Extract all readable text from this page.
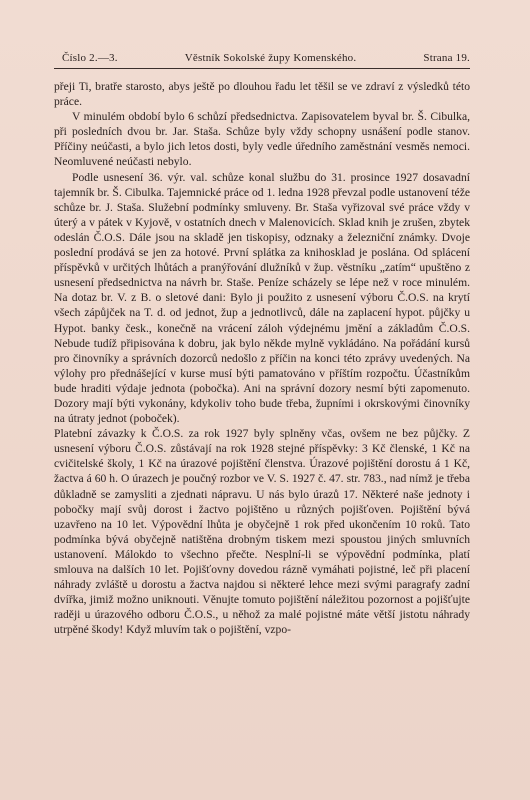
Číslo 2.—3.	Věstník Sokolské župy Komenského.	Strana 19.

přeji Ti, bratře starosto, abys ještě po dlouhou řadu let těšil se ve zdraví z výsledků této práce.

V minulém období bylo 6 schůzí předsednictva. Zapisovatelem byval br. Š. Cibulka, při posledních dvou br. Jar. Staša. Schůze byly vždy schopny usnášení podle stanov. Příčiny neúčasti, a bylo jich letos dosti, byly vedle úředního zaměstnání vesměs nemoci. Neomluvené neúčasti nebylo.

Podle usnesení 36. výr. val. schůze konal službu do 31. prosince 1927 dosavadní tajemník br. Š. Cibulka. Tajemnické práce od 1. ledna 1928 převzal podle ustanovení téže schůze br. J. Staša. Služební podmínky smluveny. Br. Staša vyřizoval své práce vždy v úterý a v pátek v Kyjově, v ostatních dnech v Malenovicích. Sklad knih je zrušen, zbytek odeslán Č.O.S. Dále jsou na skladě jen tiskopisy, odznaky a železniční známky. Dvoje poslední prodává se jen za hotové. První splátka za knihosklad je poslána. Od splácení příspěvků v určitých lhůtách a pranýřování dlužníků v žup. věstníku „zatím“ upuštěno z usnesení předsednictva na návrh br. Staše. Peníze scházely se lépe než v roce minulém. Na dotaz br. V. z B. o sletové dani: Bylo ji použito z usnesení výboru Č.O.S. na krytí všech zápůjček na T. d. od jednot, žup a jednotlivců, dále na zaplacení hypot. půjčky u Hypot. banky česk., konečně na vrácení záloh výdejnému jmění a základům Č.O.S. Nebude tudíž připisována k dobru, jak bylo někde mylně vykládáno. Na pořádání kursů pro činovníky a správních dozorců nedošlo z příčin na konci této zprávy uvedených. Na výlohy pro přednášející v kurse musí býti pamatováno v příštím rozpočtu. Účastníkům bude hraditi výdaje jednota (pobočka). Ani na správní dozory nesmí býti zapomenuto. Dozory mají býti vykonány, kdykoliv toho bude třeba, župními i okrskovými činovníky na útraty jednot (poboček).

Platební závazky k Č.O.S. za rok 1927 byly splněny včas, ovšem ne bez půjčky. Z usnesení výboru Č.O.S. zůstávají na rok 1928 stejné příspěvky: 3 Kč členské, 1 Kč na cvičitelské školy, 1 Kč na úrazové pojištění členstva. Úrazové pojištění dorostu á 1 Kč, žactva á 60 h. O úrazech je poučný rozbor ve V. S. 1927 č. 47. str. 783., nad nímž je třeba důkladně se zamysliti a zjednati nápravu. U nás bylo úrazů 17. Některé naše jednoty i pobočky mají svůj dorost i žactvo pojištěno u různých pojišťoven. Pojištění bývá uzavřeno na 10 let. Výpovědní lhůta je obyčejně 1 rok před ukončením 10 roků. Tato podmínka bývá obyčejně natištěna drobným tiskem mezi spoustou jiných smluvních ustanovení. Málokdo to všechno přečte. Nesplní-li se výpovědní podmínka, platí smlouva na dalších 10 let. Pojišťovny dovedou rázně vymáhati pojistné, leč při placení náhrady zvláště u dorostu a žactva najdou si některé lehce mezi svými paragrafy zadní dvířka, jimiž možno uniknouti. Věnujte tomuto pojištění náležitou pozornost a pojišťujte raději u úrazového odboru Č.O.S., u něhož za malé pojistné máte větší jistotu náhrady utrpěné škody! Když mluvím tak o pojištění, vzpo-
